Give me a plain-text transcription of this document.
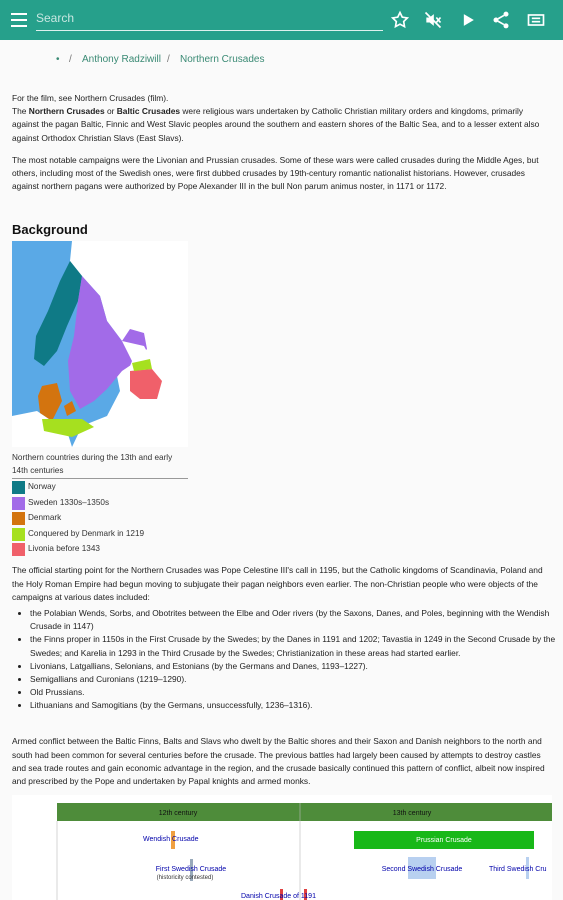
Search
• / Anthony Radziwill / Northern Crusades

For the film, see Northern Crusades (film).

The Northern Crusades or Baltic Crusades were religious wars undertaken by Catholic Christian military orders and kingdoms, primarily against the pagan Baltic, Finnic and West Slavic peoples around the southern and eastern shores of the Baltic Sea, and to a lesser extent also against Orthodox Christian Slavs (East Slavs).

The most notable campaigns were the Livonian and Prussian crusades. Some of these wars were called crusades during the Middle Ages, but others, including most of the Swedish ones, were first dubbed crusades by 19th-century romantic nationalist historians. However, crusades against northern pagans were authorized by Pope Alexander III in the bull Non parum animus noster, in 1171 or 1172.

Background
Northern countries during the 13th and early 14th centuries
Norway
Sweden 1330s–1350s
Denmark
Conquered by Denmark in 1219
Livonia before 1343

The official starting point for the Northern Crusades was Pope Celestine III's call in 1195, but the Catholic kingdoms of Scandinavia, Poland and the Holy Roman Empire had begun moving to subjugate their pagan neighbors even earlier. The non-Christian people who were objects of the campaigns at various dates included:

• the Polabian Wends, Sorbs, and Obotrites between the Elbe and Oder rivers (by the Saxons, Danes, and Poles, beginning with the Wendish Crusade in 1147)
• the Finns proper in 1150s in the First Crusade by the Swedes; by the Danes in 1191 and 1202; Tavastia in 1249 in the Second Crusade by the Swedes; and Karelia in 1293 in the Third Crusade by the Swedes; Christianization in these areas had started earlier.
• Livonians, Latgallians, Selonians, and Estonians (by the Germans and Danes, 1193–1227).
• Semigallians and Curonians (1219–1290).
• Old Prussians.
• Lithuanians and Samogitians (by the Germans, unsuccessfully, 1236–1316).

Armed conflict between the Baltic Finns, Balts and Slavs who dwelt by the Baltic shores and their Saxon and Danish neighbors to the north and south had been common for several centuries before the crusade. The previous battles had largely been caused by attempts to destroy castles and sea trade routes and gain economic advantage in the region, and the crusade basically continued this pattern of conflict, albeit now inspired and prescribed by the Pope and undertaken by Papal knights and armed monks.

12th century	13th century
Wendish Crusade	Prussian Crusade
First Swedish Crusade
(historicity contested)
Second Swedish Crusade	Third Swedish Cru
Danish Crusade of 1191
